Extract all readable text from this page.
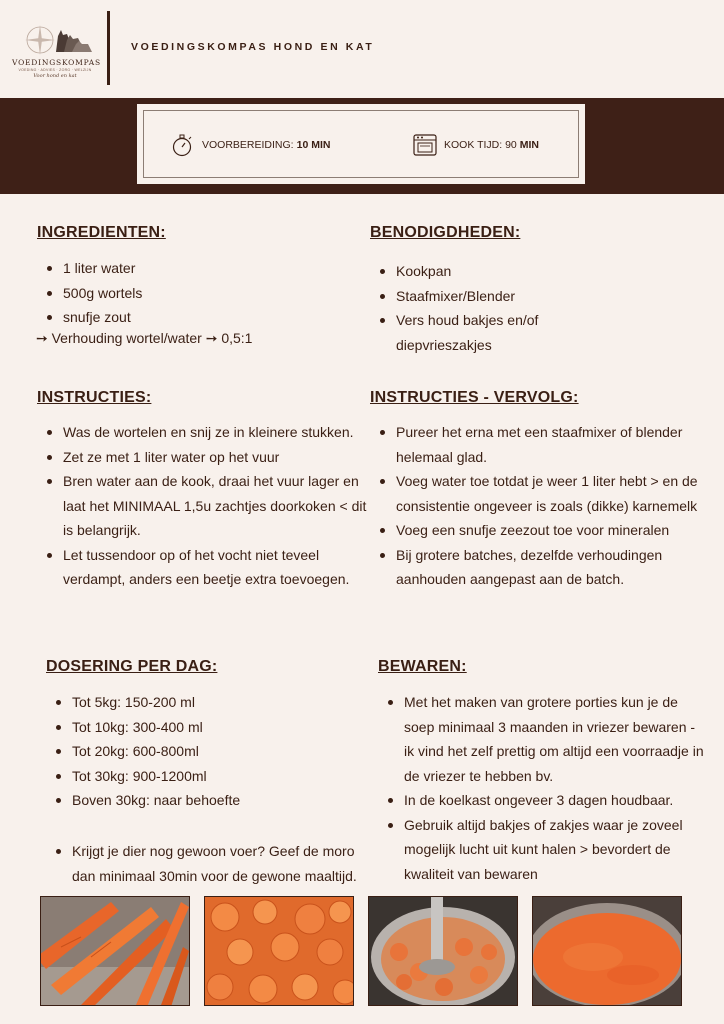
VOEDINGSKOMPAS
VOEDING · ADVIES · ZORG · WELZIJN
Voor hond en kat
VOEDINGSKOMPAS HOND EN KAT
VOORBEREIDING: 10 MIN	KOOK TIJD: 90 MIN
INGREDIENTEN:
1 liter water
500g wortels
snufje zout
➙ Verhouding wortel/water ➙ 0,5:1
BENODIGDHEDEN:
Kookpan
Staafmixer/Blender
Vers houd bakjes en/of diepvrieszakjes
INSTRUCTIES:
Was de wortelen en snij ze in kleinere stukken.
Zet ze met 1 liter water op het vuur
Bren water aan de kook, draai het vuur lager en laat het MINIMAAL 1,5u zachtjes doorkoken < dit is belangrijk.
Let tussendoor op of het vocht niet teveel verdampt, anders een beetje extra toevoegen.
INSTRUCTIES - VERVOLG:
Pureer het erna met een staafmixer of blender helemaal glad.
Voeg water toe totdat je weer 1 liter hebt > en de consistentie ongeveer is zoals (dikke) karnemelk
Voeg een snufje zeezout toe voor mineralen
Bij grotere batches, dezelfde verhoudingen aanhouden aangepast aan de batch.
DOSERING PER DAG:
Tot 5kg: 150-200 ml
Tot 10kg: 300-400 ml
Tot 20kg: 600-800ml
Tot 30kg: 900-1200ml
Boven 30kg: naar behoefte
Krijgt je dier nog gewoon voer? Geef de moro dan minimaal 30min voor de gewone maaltijd.
BEWAREN:
Met het maken van grotere porties kun je de soep minimaal 3 maanden in vriezer bewaren - ik vind het zelf prettig om altijd een voorraadje in de vriezer te hebben bv.
In de koelkast ongeveer 3 dagen houdbaar.
Gebruik altijd bakjes of zakjes waar je zoveel mogelijk lucht uit kunt halen > bevordert de kwaliteit van bewaren
